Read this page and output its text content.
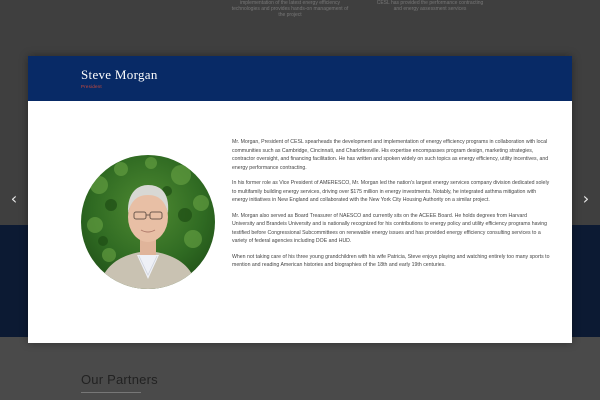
implementation of the latest energy efficiency technologies and provides hands-on management of the project
CESL has provided the performance contracting and energy assessment services
Our Partners
‹	›
Steve Morgan
President

Mr. Morgan, President of CESL spearheads the development and implementation of energy efficiency programs in collaboration with local communities such as Cambridge, Cincinnati, and Charlottesville. His expertise encompasses program design, marketing strategies, contractor oversight, and financing facilitation. He has written and spoken widely on such topics as energy efficiency, utility incentives, and energy performance contracting.

In his former role as Vice President of AMERESCO, Mr. Morgan led the nation's largest energy services company division dedicated solely to multifamily building energy services, driving over $175 million in energy investments. Notably, he integrated asthma mitigation with energy initiatives in New England and collaborated with the New York City Housing Authority on a similar project.

Mr. Morgan also served as Board Treasurer of NAESCO and currently sits on the ACEEE Board. He holds degrees from Harvard University and Brandeis University and is nationally recognized for his contributions to energy policy and utility efficiency programs having testified before Congressional Subcommittees on renewable energy issues and has provided energy efficiency consulting services to a variety of federal agencies including DOE and HUD.

When not taking care of his three young grandchildren with his wife Patricia, Steve enjoys playing and watching entirely too many sports to mention and reading American histories and biographies of the 18th and early 19th centuries.
